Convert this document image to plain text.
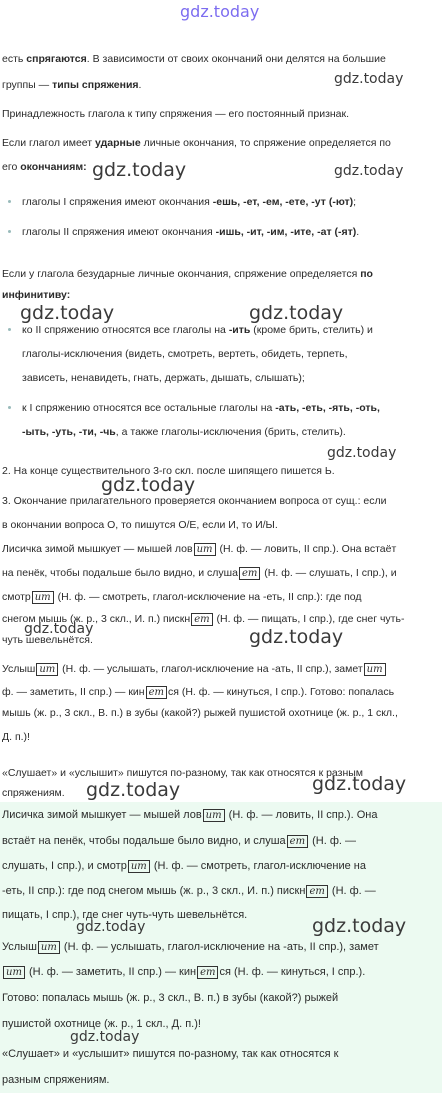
gdz.today
gdz.today
gdz.today	gdz.today
gdz.today	gdz.today
gdz.today
gdz.today
gdz.today	gdz.today
есть спрягаются. В зависимости от своих окончаний они делятся на большие
группы — типы спряжения.
Принадлежность глагола к типу спряжения — его постоянный признак.
Если глагол имеет ударные личные окончания, то спряжение определяется по
его окончаниям:
глаголы I спряжения имеют окончания -ешь, -ет, -ем, -ете, -ут (-ют);
глаголы II спряжения имеют окончания -ишь, -ит, -им, -ите, -ат (-ят).
Если у глагола безударные личные окончания, спряжение определяется по
инфинитиву:
ко II спряжению относятся все глаголы на -ить (кроме брить, стелить) и
глаголы-исключения (видеть, смотреть, вертеть, обидеть, терпеть,
зависеть, ненавидеть, гнать, держать, дышать, слышать);
к I спряжению относятся все остальные глаголы на -ать, -еть, -ять, -оть,
-ыть, -уть, -ти, -чь, а также глаголы-исключения (брить, стелить).
2. На конце существительного 3-го скл. после шипящего пишется Ь.
3. Окончание прилагательного проверяется окончанием вопроса от сущ.: если
в окончании вопроса О, то пишутся О/Е, если И, то И/Ы.
Лисичка зимой мышкует — мышей лов ит (Н. ф. — ловить, II спр.). Она встаёт
на пенёк, чтобы подальше было видно, и слуша ет (Н. ф. — слушать, I спр.), и
смотр ит (Н. ф. — смотреть, глагол-исключение на -еть, II спр.): где под
снегом мышь (ж. р., 3 скл., И. п.) пискн ет (Н. ф. — пищать, I спр.), где снег чуть-
чуть шевельнётся.
Услыш ит (Н. ф. — услышать, глагол-исключение на -ать, II спр.), замет ит
ф. — заметить, II спр.) — кин ет ся (Н. ф. — кинуться, I спр.). Готово: попалась
мышь (ж. р., 3 скл., В. п.) в зубы (какой?) рыжей пушистой охотнице (ж. р., 1 скл.,
Д. п.)!
«Слушает» и «услышит» пишутся по-разному, так как относятся к разным
спряжениям. gdz.today	gdz.today
Лисичка зимой мышкует — мышей лов ит (Н. ф. — ловить, II спр.). Она
встаёт на пенёк, чтобы подальше было видно, и слуша ет (Н. ф. —
слушать, I спр.), и смотр ит (Н. ф. — смотреть, глагол-исключение на
-еть, II спр.): где под снегом мышь (ж. р., 3 скл., И. п.) пискн ет (Н. ф. —
пищать, I спр.), где снег чуть-чуть шевельнётся.
Услыш ит (Н. ф. — услышать, глагол-исключение на -ать, II спр.), замет
ит (Н. ф. — заметить, II спр.) — кин ет ся (Н. ф. — кинуться, I спр.).
Готово: попалась мышь (ж. р., 3 скл., В. п.) в зубы (какой?) рыжей
пушистой охотнице (ж. р., 1 скл., Д. п.)!
«Слушает» и «услышит» пишутся по-разному, так как относятся к
разным спряжениям.
gdz.today	gdz.today
gdz.today
